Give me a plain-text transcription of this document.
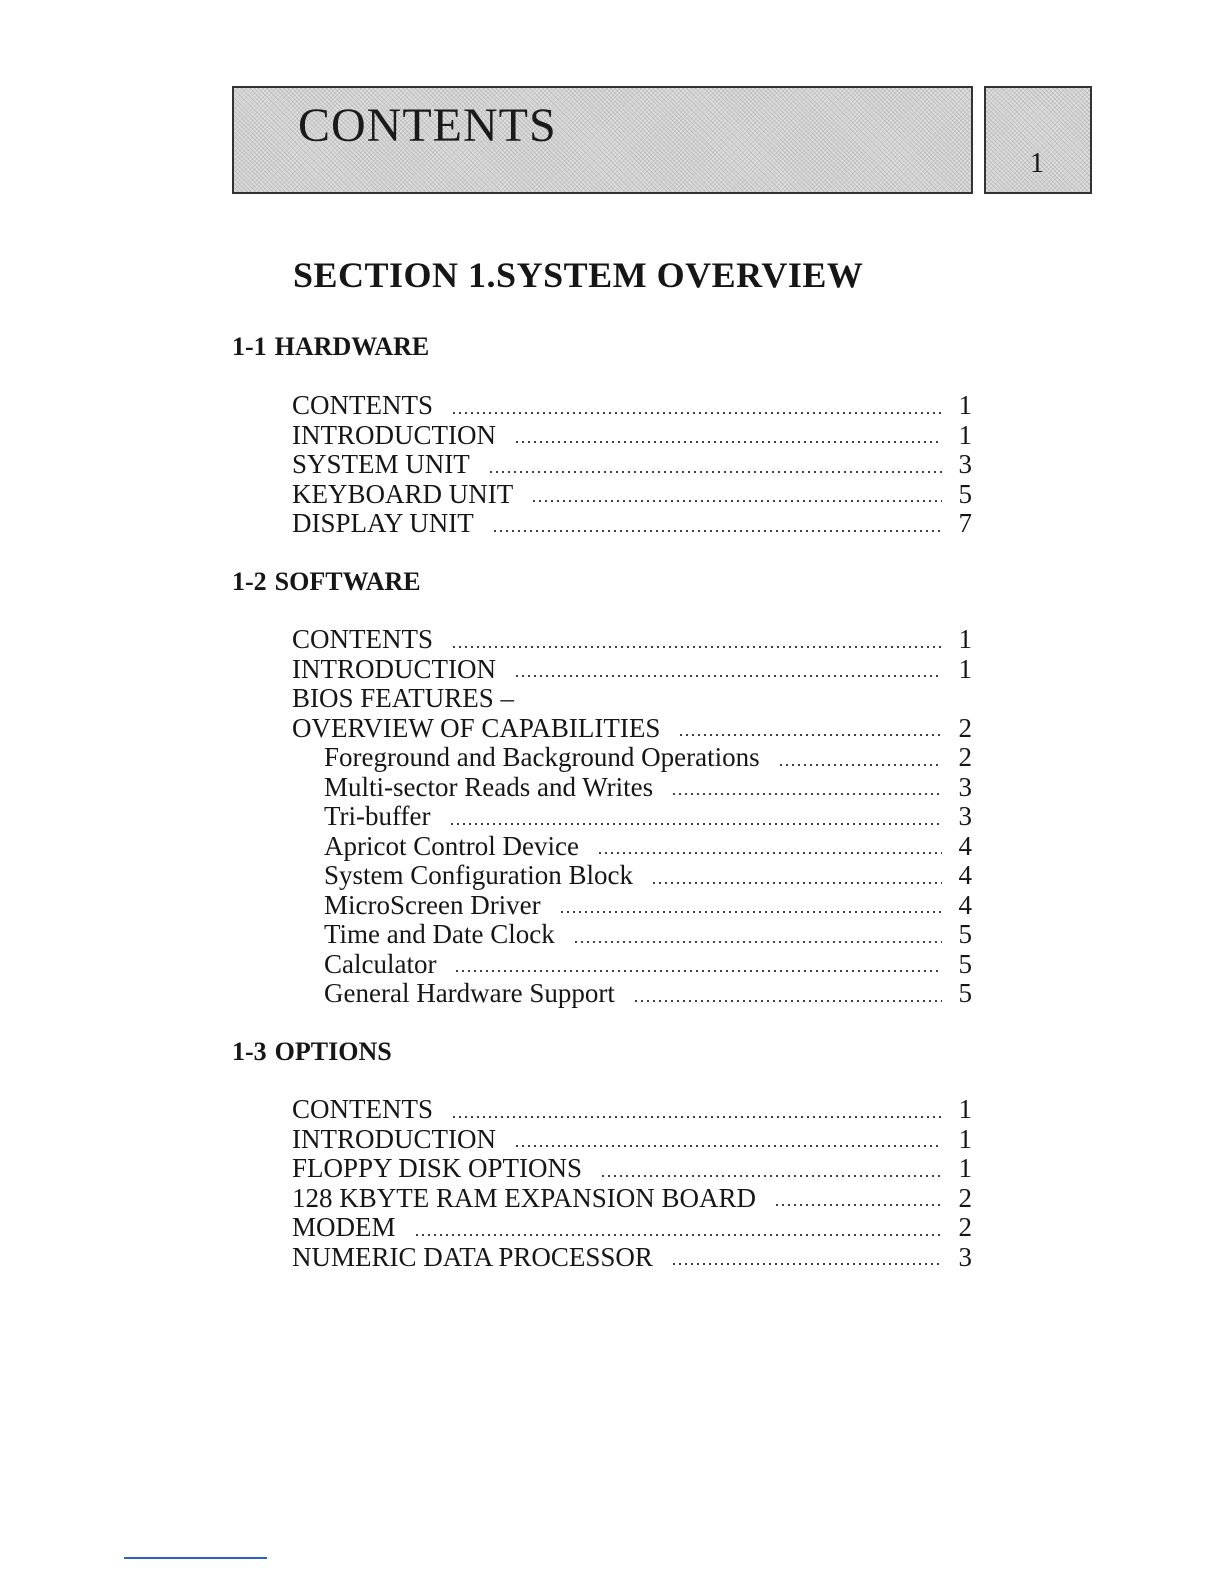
CONTENTS
1
SECTION 1.SYSTEM OVERVIEW
1-1 HARDWARE
CONTENTS	1
INTRODUCTION	1
SYSTEM UNIT	3
KEYBOARD UNIT	5
DISPLAY UNIT	7
1-2 SOFTWARE
CONTENTS	1
INTRODUCTION	1
BIOS FEATURES –
OVERVIEW OF CAPABILITIES	2
Foreground and Background Operations	2
Multi-sector Reads and Writes	3
Tri-buffer	3
Apricot Control Device	4
System Configuration Block	4
MicroScreen Driver	4
Time and Date Clock	5
Calculator	5
General Hardware Support	5
1-3 OPTIONS
CONTENTS	1
INTRODUCTION	1
FLOPPY DISK OPTIONS	1
128 KBYTE RAM EXPANSION BOARD	2
MODEM	2
NUMERIC DATA PROCESSOR	3
